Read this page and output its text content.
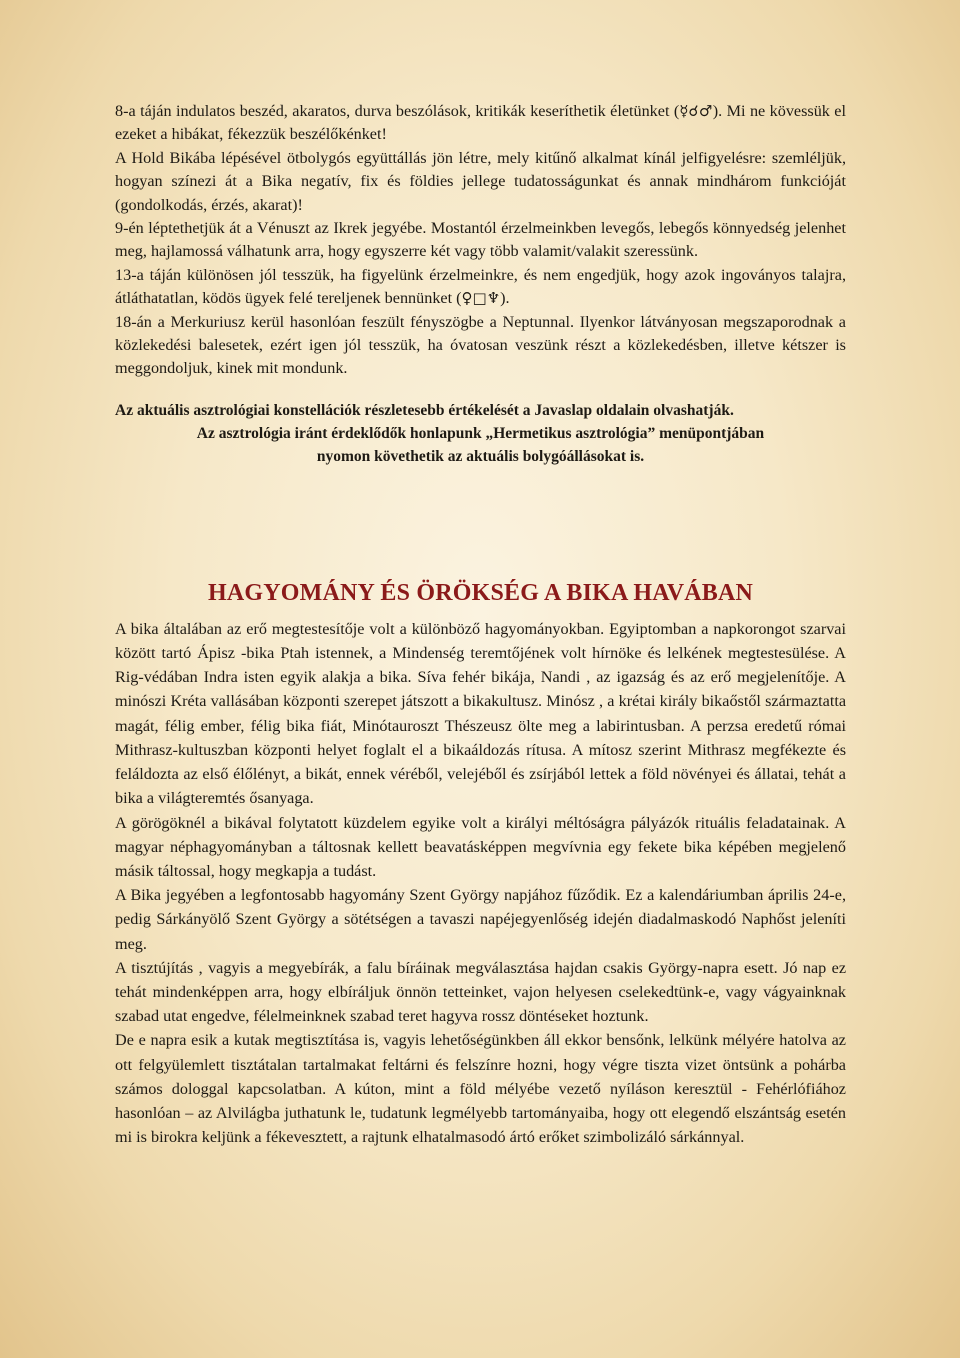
8-a táján indulatos beszéd, akaratos, durva beszólások, kritikák keseríthetik életünket (☿☌♂). Mi ne kövessük el ezeket a hibákat, fékezzük beszélőkénket!

A Hold Bikába lépésével ötbolygós együttállás jön létre, mely kitűnő alkalmat kínál jelfigyelésre: szemléljük, hogyan színezi át a Bika negatív, fix és földies jellege tudatosságunkat és annak mindhárom funkcióját (gondolkodás, érzés, akarat)!

9-én léptethetjük át a Vénuszt az Ikrek jegyébe. Mostantól érzelmeinkben levegős, lebegős könnyedség jelenhet meg, hajlamossá válhatunk arra, hogy egyszerre két vagy több valamit/valakit szeressünk.

13-a táján különösen jól tesszük, ha figyelünk érzelmeinkre, és nem engedjük, hogy azok ingoványos talajra, átláthatatlan, ködös ügyek felé tereljenek bennünket (♀□♆).

18-án a Merkuriusz kerül hasonlóan feszült fényszögbe a Neptunnal. Ilyenkor látványosan megszaporodnak a közlekedési balesetek, ezért igen jól tesszük, ha óvatosan veszünk részt a közlekedésben, illetve kétszer is meggondoljuk, kinek mit mondunk.

Az aktuális asztrológiai konstellációk részletesebb értékelését a Javaslap oldalain olvashatják.

Az asztrológia iránt érdeklődők honlapunk „Hermetikus asztrológia” menüpontjában

nyomon követhetik az aktuális bolygóállásokat is.

HAGYOMÁNY ÉS ÖRÖKSÉG A BIKA HAVÁBAN

A bika általában az erő megtestesítője volt a különböző hagyományokban. Egyiptomban a napkorongot szarvai között tartó Ápisz -bika Ptah istennek, a Mindenség teremtőjének volt hírnöke és lelkének megtestesülése. A Rig-védában Indra isten egyik alakja a bika. Síva fehér bikája, Nandi , az igazság és az erő megjelenítője. A minószi Kréta vallásában központi szerepet játszott a bikakultusz. Minósz , a krétai király bikaőstől származtatta magát, félig ember, félig bika fiát, Minótauroszt Thészeusz ölte meg a labirintusban. A perzsa eredetű római Mithrasz-kultuszban központi helyet foglalt el a bikaáldozás rítusa. A mítosz szerint Mithrasz megfékezte és feláldozta az első élőlényt, a bikát, ennek véréből, velejéből és zsírjából lettek a föld növényei és állatai, tehát a bika a világteremtés ősanyaga.

A görögöknél a bikával folytatott küzdelem egyike volt a királyi méltóságra pályázók rituális feladatainak. A magyar néphagyományban a táltosnak kellett beavatásképpen megvívnia egy fekete bika képében megjelenő másik táltossal, hogy megkapja a tudást.

A Bika jegyében a legfontosabb hagyomány Szent György napjához fűződik. Ez a kalendáriumban április 24-e, pedig Sárkányölő Szent György a sötétségen a tavaszi napéjegyenlőség idején diadalmaskodó Naphőst jeleníti meg.

A tisztújítás , vagyis a megyebírák, a falu bíráinak megválasztása hajdan csakis György-napra esett. Jó nap ez tehát mindenképpen arra, hogy elbíráljuk önnön tetteinket, vajon helyesen cselekedtünk-e, vagy vágyainknak szabad utat engedve, félelmeinknek szabad teret hagyva rossz döntéseket hoztunk.

De e napra esik a kutak megtisztítása is, vagyis lehetőségünkben áll ekkor bensőnk, lelkünk mélyére hatolva az ott felgyülemlett tisztátalan tartalmakat feltárni és felszínre hozni, hogy végre tiszta vizet öntsünk a pohárba számos dologgal kapcsolatban. A kúton, mint a föld mélyébe vezető nyíláson keresztül - Fehérlófiához hasonlóan – az Alvilágba juthatunk le, tudatunk legmélyebb tartományaiba, hogy ott elegendő elszántság esetén mi is birokra keljünk a fékevesztett, a rajtunk elhatalmasodó ártó erőket szimbolizáló sárkánnyal.
